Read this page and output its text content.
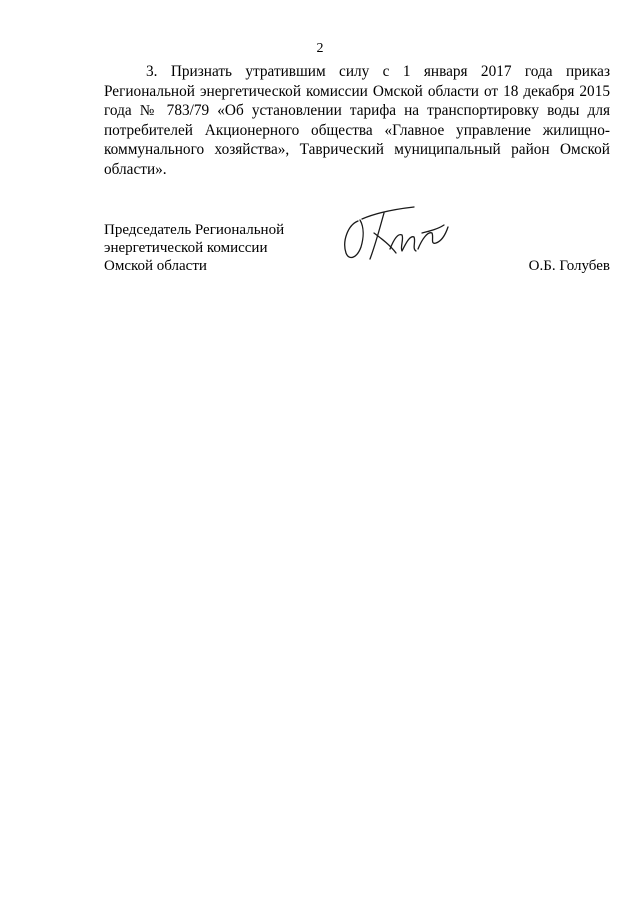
2

3. Признать утратившим силу с 1 января 2017 года приказ Региональной энергетической комиссии Омской области от 18 декабря 2015 года № 783/79 «Об установлении тарифа на транспортировку воды для потребителей Акционерного общества «Главное управление жилищно-коммунального хозяйства», Таврический муниципальный район Омской области».

Председатель Региональной
энергетической комиссии
Омской области	О.Б. Голубев
